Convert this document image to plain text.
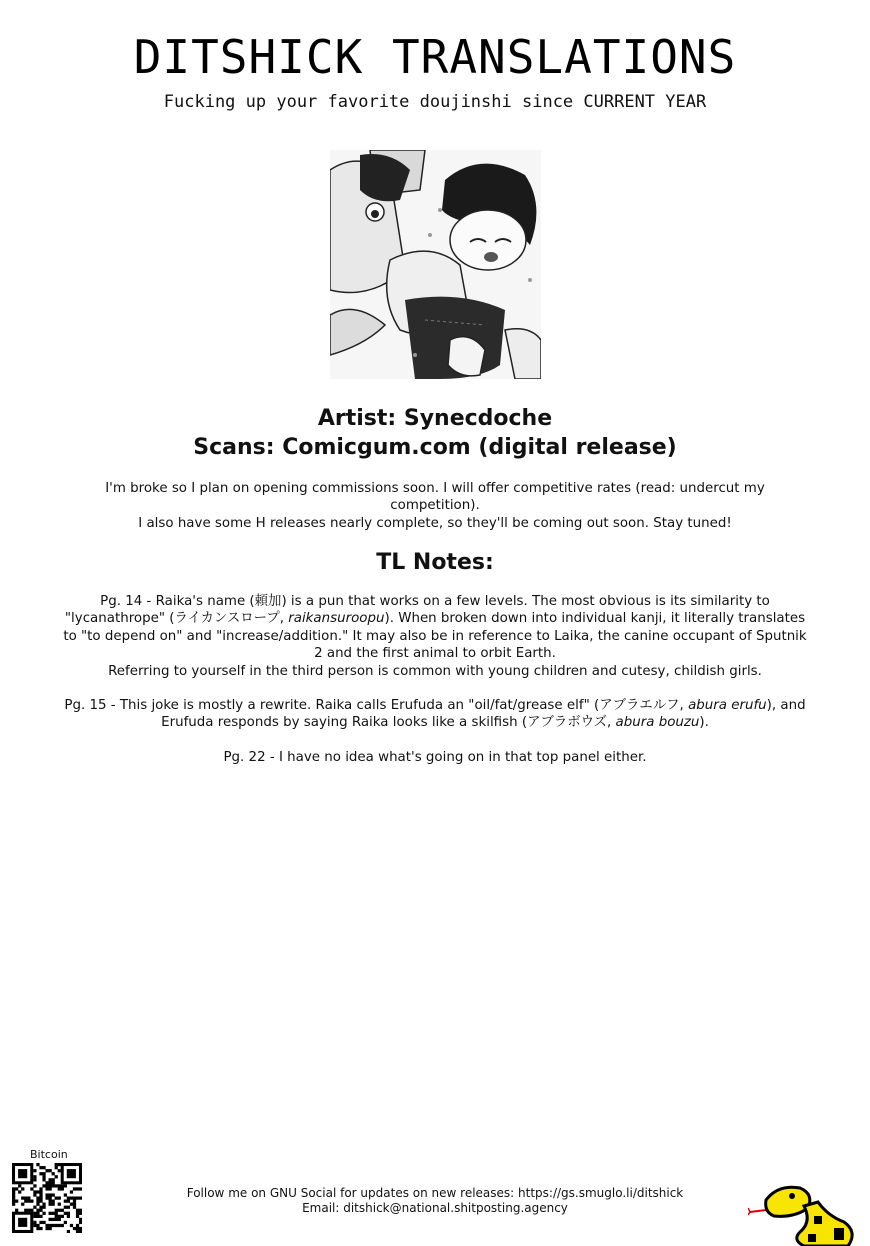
DITSHICK TRANSLATIONS
Fucking up your favorite doujinshi since CURRENT YEAR
Artist: Synecdoche
Scans: Comicgum.com (digital release)

I'm broke so I plan on opening commissions soon. I will offer competitive rates (read: undercut my competition).

I also have some H releases nearly complete, so they'll be coming out soon. Stay tuned!

TL Notes:

Pg. 14 - Raika's name (頼加) is a pun that works on a few levels. The most obvious is its similarity to "lycanathrope" (ライカンスロープ, raikansuroopu). When broken down into individual kanji, it literally translates to "to depend on" and "increase/addition." It may also be in reference to Laika, the canine occupant of Sputnik 2 and the first animal to orbit Earth.

Referring to yourself in the third person is common with young children and cutesy, childish girls.

Pg. 15 - This joke is mostly a rewrite. Raika calls Erufuda an "oil/fat/grease elf" (アブラエルフ, abura erufu), and Erufuda responds by saying Raika looks like a skilfish (アブラボウズ, abura bouzu).

Pg. 22 - I have no idea what's going on in that top panel either.

Bitcoin

Follow me on GNU Social for updates on new releases: https://gs.smuglo.li/ditshick

Email: ditshick@national.shitposting.agency
